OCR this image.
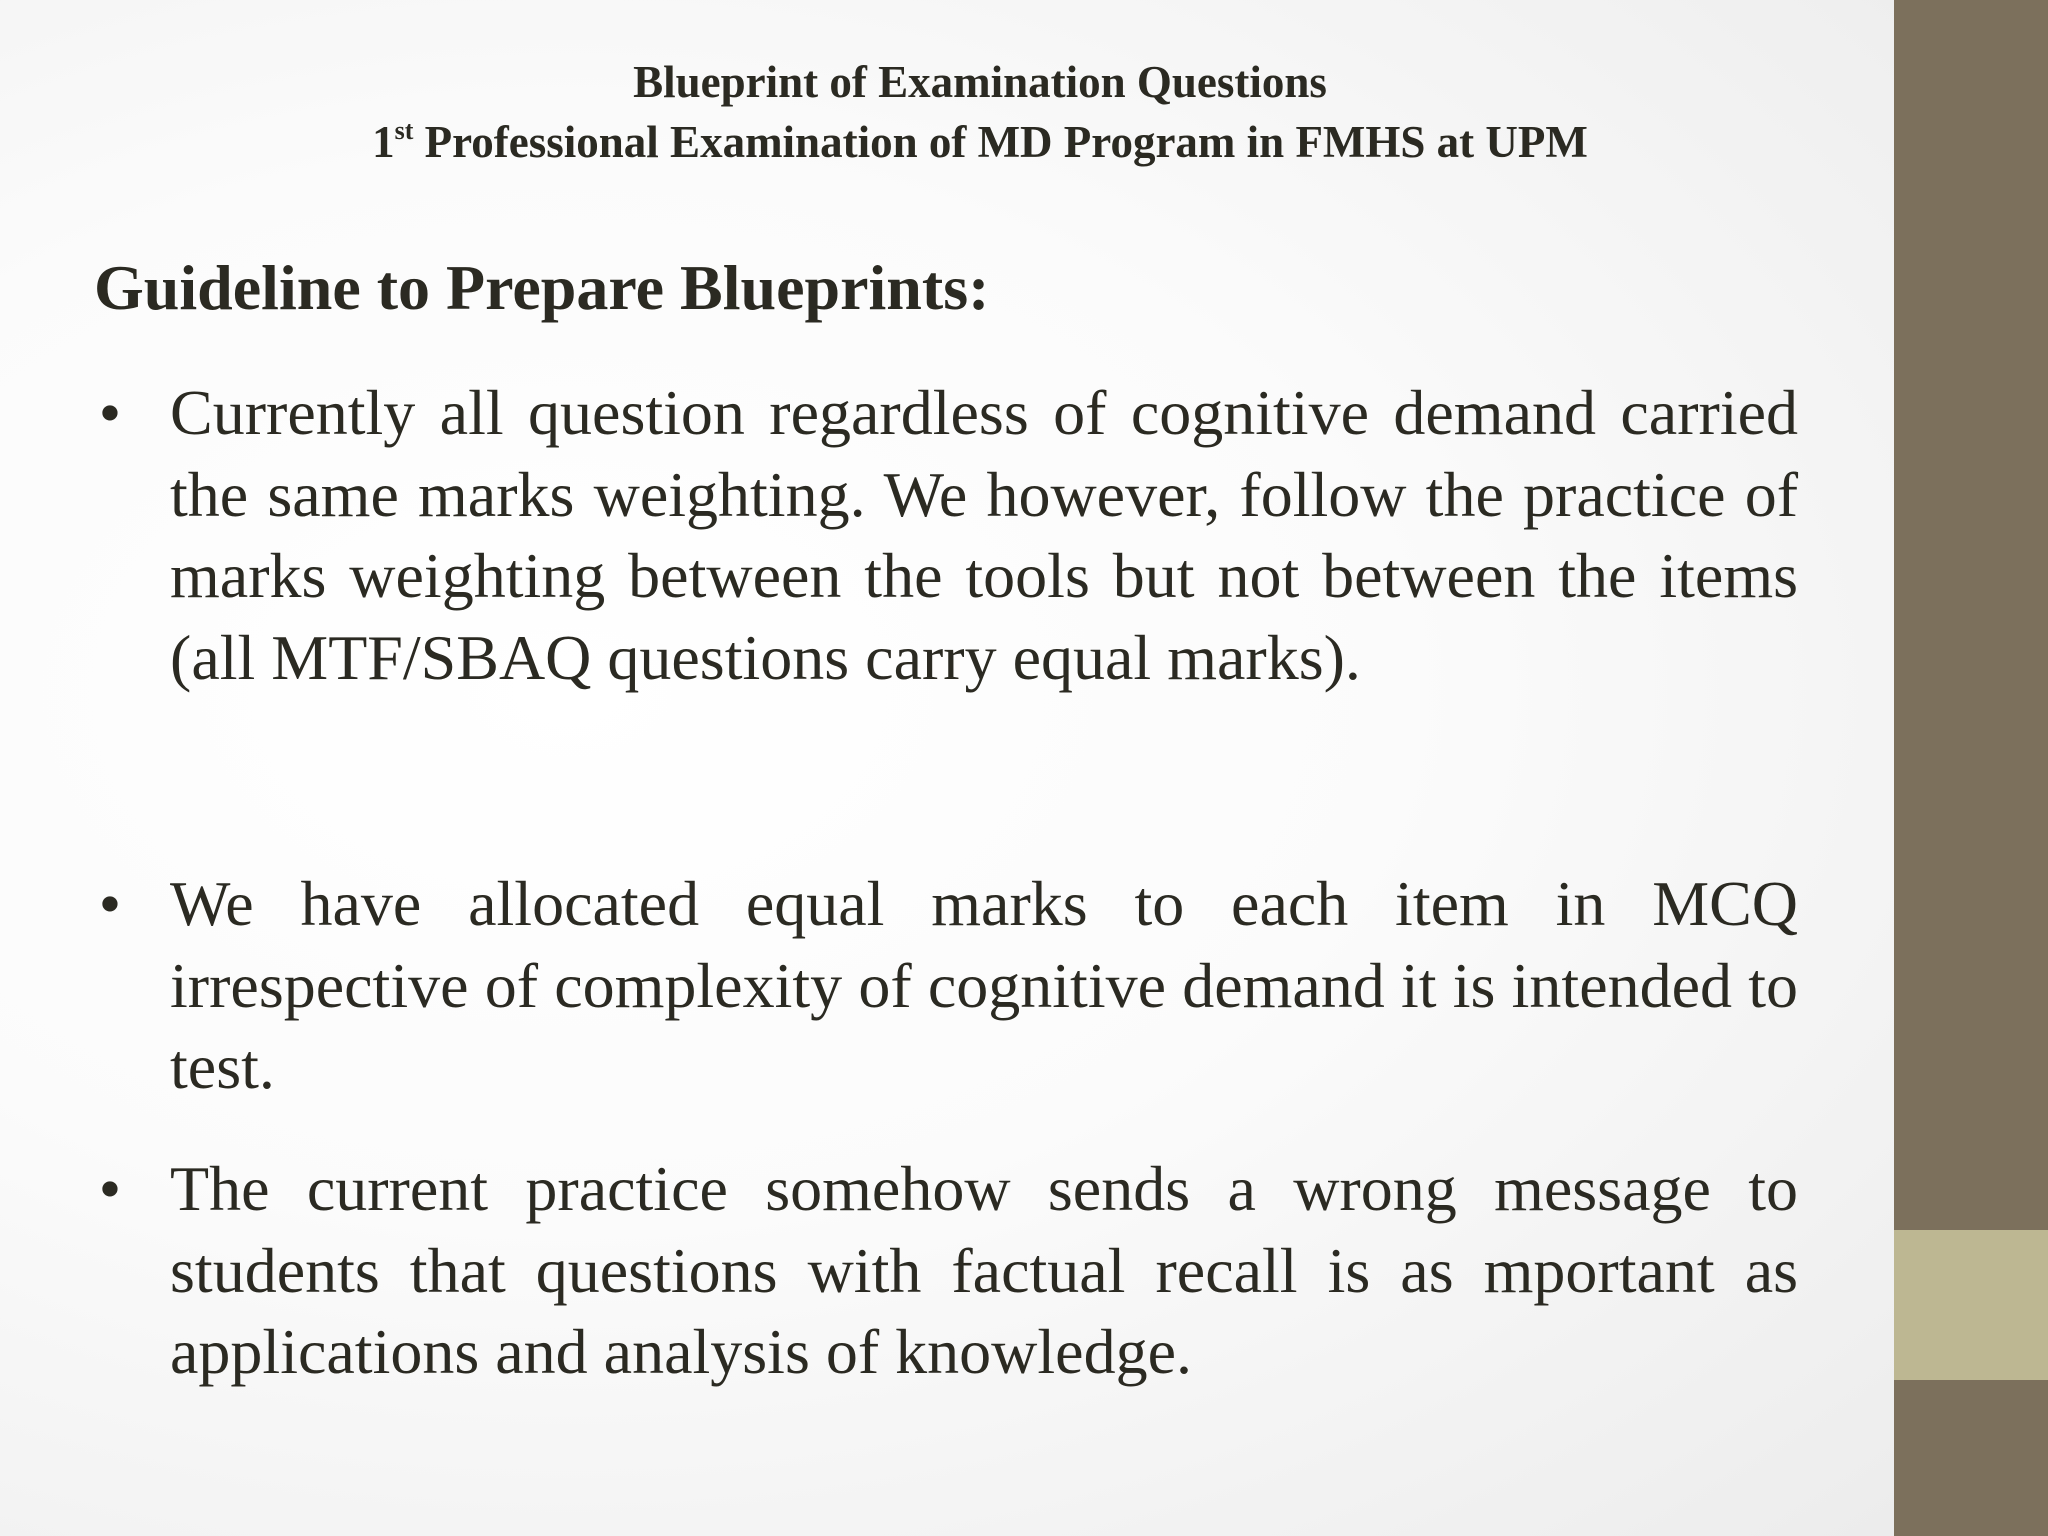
Blueprint of Examination Questions
1st Professional Examination of MD Program in FMHS at UPM
Guideline to Prepare Blueprints:
• Currently all question regardless of cognitive demand carried the same marks weighting. We however, follow the practice of marks weighting between the tools but not between the items (all MTF/SBAQ questions carry equal marks).
• We have allocated equal marks to each item in MCQ irrespective of complexity of cognitive demand it is intended to test.
• The current practice somehow sends a wrong message to students that questions with factual recall is as mportant as applications and analysis of knowledge.
